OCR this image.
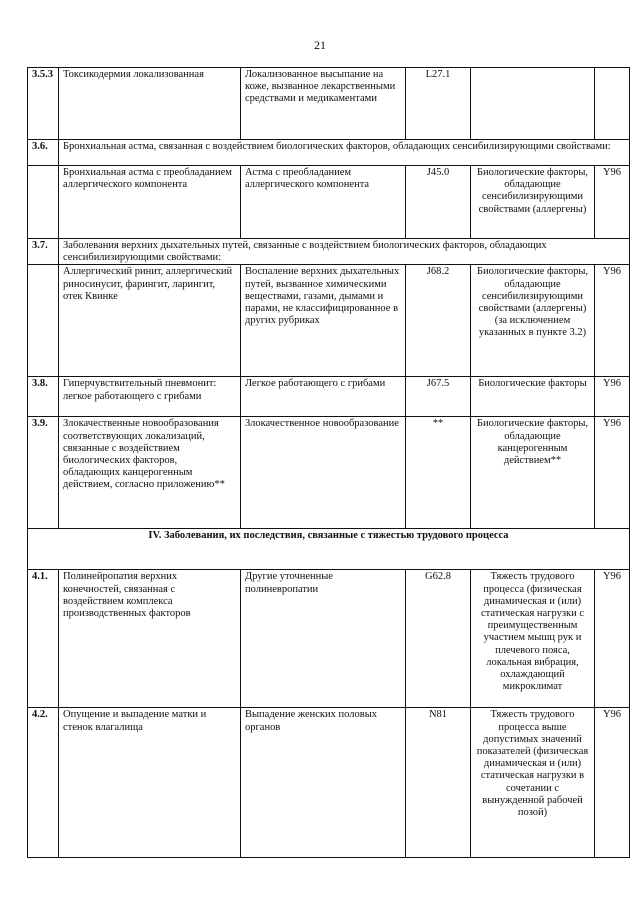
21
3.5.3	Токсикодермия локализованная	Локализованное высыпание на коже, вызванное лекарственными средствами и медикаментами	L27.1		
3.6.	Бронхиальная астма, связанная с воздействием биологических факторов, обладающих сенсибилизирующими свойствами:				
	Бронхиальная астма с преобладанием аллергического компонента	Астма с преобладанием аллергического компонента	J45.0	Биологические факторы, обладающие сенсибилизирующими свойствами (аллергены)	Y96
3.7.	Заболевания верхних дыхательных путей, связанные с воздействием биологических факторов, обладающих сенсибилизирующими свойствами:				
	Аллергический ринит, аллергический риносинусит, фарингит, ларингит, отек Квинке	Воспаление верхних дыхательных путей, вызванное химическими веществами, газами, дымами и парами, не классифицированное в других рубриках	J68.2	Биологические факторы, обладающие сенсибилизирующими свойствами (аллергены) (за исключением указанных в пункте 3.2)	Y96
3.8.	Гиперчувствительный пневмонит: легкое работающего с грибами	Легкое работающего с грибами	J67.5	Биологические факторы	Y96
3.9.	Злокачественные новообразования соответствующих локализаций, связанные с воздействием биологических факторов, обладающих канцерогенным действием, согласно приложению**	Злокачественное новообразование	**	Биологические факторы, обладающие канцерогенным действием**	Y96
IV. Заболевания, их последствия, связанные с тяжестью трудового процесса					
4.1.	Полинейропатия верхних конечностей, связанная с воздействием комплекса производственных факторов	Другие уточненные полиневропатии	G62.8	Тяжесть трудового процесса (физическая динамическая и (или) статическая нагрузки с преимущественным участием мышц рук и плечевого пояса, локальная вибрация, охлаждающий микроклимат	Y96
4.2.	Опущение и выпадение матки и стенок влагалища	Выпадение женских половых органов	N81	Тяжесть трудового процесса выше допустимых значений показателей (физическая динамическая и (или) статическая нагрузки в сочетании с вынужденной рабочей позой)	Y96
